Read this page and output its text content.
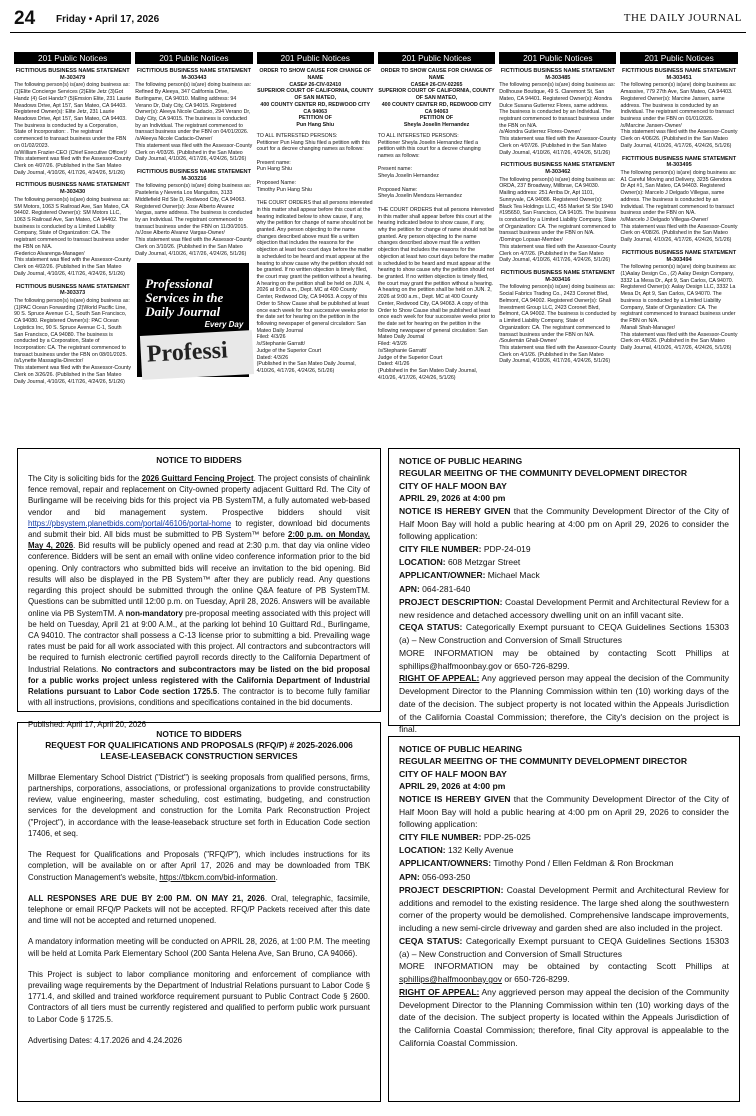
24 Friday • April 17, 2026	THE DAILY JOURNAL
201 Public Notices
FICTITIOUS BUSINESS NAME STATEMENT M-303479
The following person(s) is(are) doing business as: (1)Elite Concierge Services (2)Elite Jetz (3)Got Handz (4) Got Handz? (5)Emsion Elite, 231 Laurie Meadows Drive, Apt 157, San Mateo, CA 94403. Registered Owner(s): Elite Jetz, 231 Laurie Meadows Drive, Apt 157, San Mateo, CA 94403. The business is conducted by a Corporation, State of Incorporation: . The registrant commenced to transact business under the FBN on 01/02/2023.
/s/William Frazier-CEO (Chief Executive Officer)/
This statement was filed with the Assessor-County Clerk on 4/07/26. (Published in the San Mateo Daily Journal, 4/10/26, 4/17/26, 4/24/26, 5/1/26)
FICTITIOUS BUSINESS NAME STATEMENT M-303430
The following person(s) is(are) doing business as: SM Motors, 1063 S Railroad Ave, San Mateo, CA 94402. Registered Owner(s): SM Motors LLC, 1063 S Railroad Ave, San Mateo, CA 94402. The business is conducted by a Limited Liability Company, State of Organization: CA. The registrant commenced to transact business under the FBN on N/A.
/Federico Alvarenga-Manager/
This statement was filed with the Assessor-County Clerk on 4/02/26. (Published in the San Mateo Daily Journal, 4/10/26, 4/17/26, 4/24/26, 5/1/26)
FICTITIOUS BUSINESS NAME STATEMENT M-303373
The following person(s) is(are) doing business as: (1)PAC Ocean Forwarding (2)World Pacific Line, 90 S. Spruce Avenue C-1, South San Francisco, CA 94080. Registered Owner(s): PAC Ocean Logistics Inc, 90 S. Spruce Avenue C-1, South San Francisco, CA 94080. The business is conducted by a Corporation, State of Incorporation: CA. The registrant commenced to transact business under the FBN on 08/01/2025.
/s/Lynette Massaglia-Director/
This statement was filed with the Assessor-County Clerk on 3/26/26. (Published in the San Mateo Daily Journal, 4/10/26, 4/17/26, 4/24/26, 5/1/26)
201 Public Notices
FICTITIOUS BUSINESS NAME STATEMENT M-303443
The following person(s) is(are) doing business as: Refined By Aleeya, 347 California Drive, Burlingame, CA 94010. Mailing address: 94 Verano Dr, Daly City, CA 94015. Registered Owner(s): Aleeya Nicole Cadacio, 294 Verano Dr, Daly City, CA 94015. The business is conducted by an Individual. The registrant commenced to transact business under the FBN on 04/01/2026.
/s/Aleeya Nicole Cadacio-Owner/
This statement was filed with the Assessor-County Clerk on 4/03/26. (Published in the San Mateo Daily Journal, 4/10/26, 4/17/26, 4/24/26, 5/1/26)
FICTITIOUS BUSINESS NAME STATEMENT M-303216
The following person(s) is(are) doing business as: Pasteleria y Neveria Los Manguitos, 3133 Middlefield Rd Ste D, Redwood City, CA 94063. Registered Owner(s): Jose Alberto Alvarez Vargas, same address. The business is conducted by an Individual. The registrant commenced to transact business under the FBN on 11/30/2015.
/s/Jose Alberto Alvarez Vargas-Owner/
This statement was filed with the Assessor-County Clerk on 3/10/26. (Published in the San Mateo Daily Journal, 4/10/26, 4/17/26, 4/24/26, 5/1/26)
Professional Services in the Daily Journal
Every Day
Professi
201 Public Notices
ORDER TO SHOW CAUSE FOR CHANGE OF NAME
CASE# 26-CIV-02410
SUPERIOR COURT OF CALIFORNIA, COUNTY OF SAN MATEO,
400 COUNTY CENTER RD, REDWOOD CITY CA 94063
PETITION OF
Pun Hang Shiu
TO ALL INTERESTED PERSONS:
Petitioner Pun Hang Shiu filed a petition with this court for a decree changing names as follows:

Present name:
Pun Hang Shiu

Proposed Name:
Timothy Pun Hang Shiu

THE COURT ORDERS that all persons interested in this matter shall appear before this court at the hearing indicated below to show cause, if any, why the petition for change of name should not be granted. Any person objecting to the name changes described above must file a written objection that includes the reasons for the objection at least two court days before the matter is scheduled to be heard and must appear at the hearing to show cause why the petition should not be granted. If no written objection is timely filed, the court may grant the petition without a hearing. A hearing on the petition shall be held on JUN. 4, 2026 at 9:00 a.m., Dept. MC at 400 County Center, Redwood City, CA 94063. A copy of this Order to Show Cause shall be published at least once each week for four successive weeks prior to the date set for hearing on the petition in the following newspaper of general circulation: San Mateo Daily Journal
Filed: 4/3/26
/s/Stephanie Garratt/
Judge of the Superior Court
Dated: 4/3/26
(Published in the San Mateo Daily Journal, 4/10/26, 4/17/26, 4/24/26, 5/1/26)
201 Public Notices
ORDER TO SHOW CAUSE FOR CHANGE OF NAME
CASE# 26-CIV-02265
SUPERIOR COURT OF CALIFORNIA, COUNTY OF SAN MATEO,
400 COUNTY CENTER RD, REDWOOD CITY CA 94063
PETITION OF
Sheyla Joselin Hernandez
TO ALL INTERESTED PERSONS:
Petitioner Sheyla Joselin Hernandez filed a petition with this court for a decree changing names as follows:

Present name:
Sheyla Joselin Hernandez

Proposed Name:
Sheyla Joselin Mendoza Hernandez

THE COURT ORDERS that all persons interested in this matter shall appear before this court at the hearing indicated below to show cause, if any, why the petition for change of name should not be granted. Any person objecting to the name changes described above must file a written objection that includes the reasons for the objection at least two court days before the matter is scheduled to be heard and must appear at the hearing to show cause why the petition should not be granted. If no written objection is timely filed, the court may grant the petition without a hearing. A hearing on the petition shall be held on JUN. 2, 2026 at 9:00 a.m., Dept. MC at 400 County Center, Redwood City, CA 94063. A copy of this Order to Show Cause shall be published at least once each week for four successive weeks prior to the date set for hearing on the petition in the following newspaper of general circulation: San Mateo Daily Journal
Filed: 4/3/26
/s/Stephanie Garratt/
Judge of the Superior Court
Dated: 4/1/26
(Published in the San Mateo Daily Journal, 4/10/26, 4/17/26, 4/24/26, 5/1/26)
201 Public Notices
FICTITIOUS BUSINESS NAME STATEMENT M-303485
The following person(s) is(are) doing business as: Dollhouse Boutique, 49 S. Claremont St, San Mateo, CA 94401. Registered Owner(s): Alondra Dulce Susana Gutierrez Flores, same address. The business is conducted by an Individual. The registrant commenced to transact business under the FBN on N/A.
/s/Alondra Gutierrez Flores-Owner/
This statement was filed with the Assessor-County Clerk on 4/07/26. (Published in the San Mateo Daily Journal, 4/10/26, 4/17/26, 4/24/26, 5/1/26)
FICTITIOUS BUSINESS NAME STATEMENT M-303462
The following person(s) is(are) doing business as: ORDA, 237 Broadway, Millbrae, CA 94030. Mailing address: 251 Arriba Dr, Apt 1101, Sunnyvale, CA 94086. Registered Owner(s): Black Tea Holdings LLC, 455 Market St Ste 1940 #195650, San Francisco, CA 94105. The business is conducted by a Limited Liability Company, State of Organization: CA. The registrant commenced to transact business under the FBN on N/A.
/Domingo Lopsan-Member/
This statement was filed with the Assessor-County Clerk on 4/7/26. (Published in the San Mateo Daily Journal, 4/10/26, 4/17/26, 4/24/26, 5/1/26)
FICTITIOUS BUSINESS NAME STATEMENT M-303416
The following person(s) is(are) doing business as: Social Fabrics Trading Co., 2423 Coronet Blvd, Belmont, CA 94002. Registered Owner(s): Ghali Investment Group LLC, 2423 Coronet Blvd, Belmont, CA 94002. The business is conducted by a Limited Liability Company, State of Organization: CA. The registrant commenced to transact business under the FBN on N/A.
/Soulemán Ghali-Owner/
This statement was filed with the Assessor-County Clerk on 4/1/26. (Published in the San Mateo Daily Journal, 4/10/26, 4/17/26, 4/24/26, 5/1/26)
201 Public Notices
FICTITIOUS BUSINESS NAME STATEMENT M-303451
The following person(s) is(are) doing business as: Amassive, 779 27th Ave, San Mateo, CA 94403. Registered Owner(s): Marcine Jansen, same address. The business is conducted by an Individual. The registrant commenced to transact business under the FBN on 01/01/2026.
/s/Marcine Jansen-Owner/
This statement was filed with the Assessor-County Clerk on 4/06/26. (Published in the San Mateo Daily Journal, 4/10/26, 4/17/26, 4/24/26, 5/1/26)
FICTITIOUS BUSINESS NAME STATEMENT M-303495
The following person(s) is(are) doing business as: A1 Careful Moving and Delivery, 3235 Glendora Dr Apt #1, San Mateo, CA 94403. Registered Owner(s): Marcelo J Delgado Villegas, same address. The business is conducted by an Individual. The registrant commenced to transact business under the FBN on N/A.
/s/Marcelo J Delgado Villegas-Owner/
This statement was filed with the Assessor-County Clerk on 4/08/26. (Published in the San Mateo Daily Journal, 4/10/26, 4/17/26, 4/24/26, 5/1/26)
FICTITIOUS BUSINESS NAME STATEMENT M-303494
The following person(s) is(are) doing business as: (1)Aalay Design Co., (2) Aalay Design Company, 3332 La Mesa Dr., Apt 9, San Carlos, CA 94070. Registered Owner(s): Aalay Design LLC, 3332 La Mesa Dr, Apt 9, San Carlos, CA 94070. The business is conducted by a Limited Liability Company, State of Organization: CA. The registrant commenced to transact business under the FBN on N/A.
/Manali Shah-Manager/
This statement was filed with the Assessor-County Clerk on 4/8/26. (Published in the San Mateo Daily Journal, 4/10/26, 4/17/26, 4/24/26, 5/1/26)
NOTICE TO BIDDERS

The City is soliciting bids for the 2026 Guittard Fencing Project. The project consists of chainlink fence removal, repair and replacement on City-owned property adjacent Guittard Rd. The City of Burlingame will be receiving bids for this project via PB SystemTM, a fully automated web-based vendor and bid management system. Prospective bidders should visit https://pbsystem.planetbids.com/portal/46106/portal-home to register, download bid documents and submit their bid. All bids must be submitted to PB System™ before 2:00 p.m. on Monday, May 4, 2026. Bid results will be publicly opened and read at 2:30 p.m. that day via online video conference. Bidders will be sent an email with online video conference information prior to the bid opening. Only contractors who submitted bids will receive an invitation to the bid opening. Bid results will also be displayed in the PB System™ after they are publicly read. Any questions regarding this project should be submitted through the online Q&A feature of PB SystemTM. Questions can be submitted until 12:00 p.m. on Tuesday, April 28, 2026. Answers will be available online via PB SystemTM. A non-mandatory pre-proposal meeting associated with this project will be held on Tuesday, April 21 at 9:00 A.M., at the parking lot behind 10 Guittard Rd., Burlingame, CA 94010. The contractor shall possess a C-13 license prior to submitting a bid. Prevailing wage rates must be paid for all work associated with this project. All contractors and subcontractors will be required to furnish electronic certified payroll records directly to the California Department of Industrial Relations. No contractors and subcontractors may be listed on the bid proposal for a public works project unless registered with the California Department of Industrial Relations pursuant to Labor Code section 1725.5. The contractor is to become fully familiar with all instructions, provisions, conditions and specifications contained in the bid documents.

Published: April 17, April 20, 2026

NOTICE TO BIDDERS
REQUEST FOR QUALIFICATIONS AND PROPOSALS (RFQ/P) # 2025-2026.006
LEASE-LEASEBACK CONSTRUCTION SERVICES

Millbrae Elementary School District ("District") is seeking proposals from qualified persons, firms, partnerships, corporations, associations, or professional organizations to provide constructability review, value engineering, master scheduling, cost estimating, budgeting, and construction services for the development and construction for the Lomita Park Reconstruction Project ("Project"), in accordance with the lease-leaseback structure set forth in Education Code section 17406, et seq.

The Request for Qualifications and Proposals ("RFQ/P"), which includes instructions for its completion, will be available on or after April 17, 2026 and may be downloaded from TBK Construction Management's website, https://tbkcm.com/bid-information.

ALL RESPONSES ARE DUE BY 2:00 P.M. ON MAY 21, 2026. Oral, telegraphic, facsimile, telephone or email RFQ/P Packets will not be accepted. RFQ/P Packets received after this date and time will not be accepted and returned unopened.

A mandatory information meeting will be conducted on APRIL 28, 2026, at 1:00 P.M. The meeting will be held at Lomita Park Elementary School (200 Santa Helena Ave, San Bruno, CA 94066).

This Project is subject to labor compliance monitoring and enforcement of compliance with prevailing wage requirements by the Department of Industrial Relations pursuant to Labor Code § 1771.4, and skilled and trained workforce requirement pursuant to Public Contract Code § 2600. Contractors of all tiers must be currently registered and qualified to perform public work pursuant to Labor Code § 1725.5.

Advertising Dates: 4.17.2026 and 4.24.2026

NOTICE OF PUBLIC HEARING
REGULAR MEEITNG OF THE COMMUNITY DEVELOPMENT DIRECTOR
CITY OF HALF MOON BAY
APRIL 29, 2026 at 4:00 pm

NOTICE IS HEREBY GIVEN that the Community Development Director of the City of Half Moon Bay will hold a public hearing at 4:00 pm on April 29, 2026 to consider the following application:

CITY FILE NUMBER: PDP-24-019
LOCATION: 608 Metzgar Street
APPLICANT/OWNER: Michael Mack
APN: 064-281-640

PROJECT DESCRIPTION: Coastal Development Permit and Architectural Review for a new residence and detached accessory dwelling unit on an infill vacant site.

CEQA STATUS: Categorically Exempt pursuant to CEQA Guidelines Sections 15303 (a) – New Construction and Conversion of Small Structures

MORE INFORMATION may be obtained by contacting Scott Phillips at sphillips@halfmoonbay.gov or 650-726-8299.

RIGHT OF APPEAL: Any aggrieved person may appeal the decision of the Community Development Director to the Planning Commission within ten (10) working days of the date of the decision. The subject property is not located within the Appeals Jurisdiction of the California Coastal Commission; therefore, the City's decision on the project is final.

NOTICE OF PUBLIC HEARING
REGULAR MEEITNG OF THE COMMUNITY DEVELOPMENT DIRECTOR
CITY OF HALF MOON BAY
APRIL 29, 2026 at 4:00 pm

NOTICE IS HEREBY GIVEN that the Community Development Director of the City of Half Moon Bay will hold a public hearing at 4:00 pm on April 29, 2026 to consider the following application:

CITY FILE NUMBER: PDP-25-025
LOCATION: 132 Kelly Avenue
APPLICANT/OWNERS: Timothy Pond / Ellen Feldman & Ron Brockman
APN: 056-093-250

PROJECT DESCRIPTION: Coastal Development Permit and Architectural Review for additions and remodel to the existing residence. The large shed along the southwestern corner of the property would be demolished. Comprehensive landscape improvements, including a new semi-circle driveway and garden shed are also included in the project.

CEQA STATUS: Categorically Exempt pursuant to CEQA Guidelines Sections 15303 (a) – New Construction and Conversion of Small Structures

MORE INFORMATION may be obtained by contacting Scott Phillips at sphillips@halfmoonbay.gov or 650-726-8299.

RIGHT OF APPEAL: Any aggrieved person may appeal the decision of the Community Development Director to the Planning Commission within ten (10) working days of the date of the decision. The subject property is located within the Appeals Jurisdiction of the California Coastal Commission; therefore, final City approval is appealable to the California Coastal Commission.
